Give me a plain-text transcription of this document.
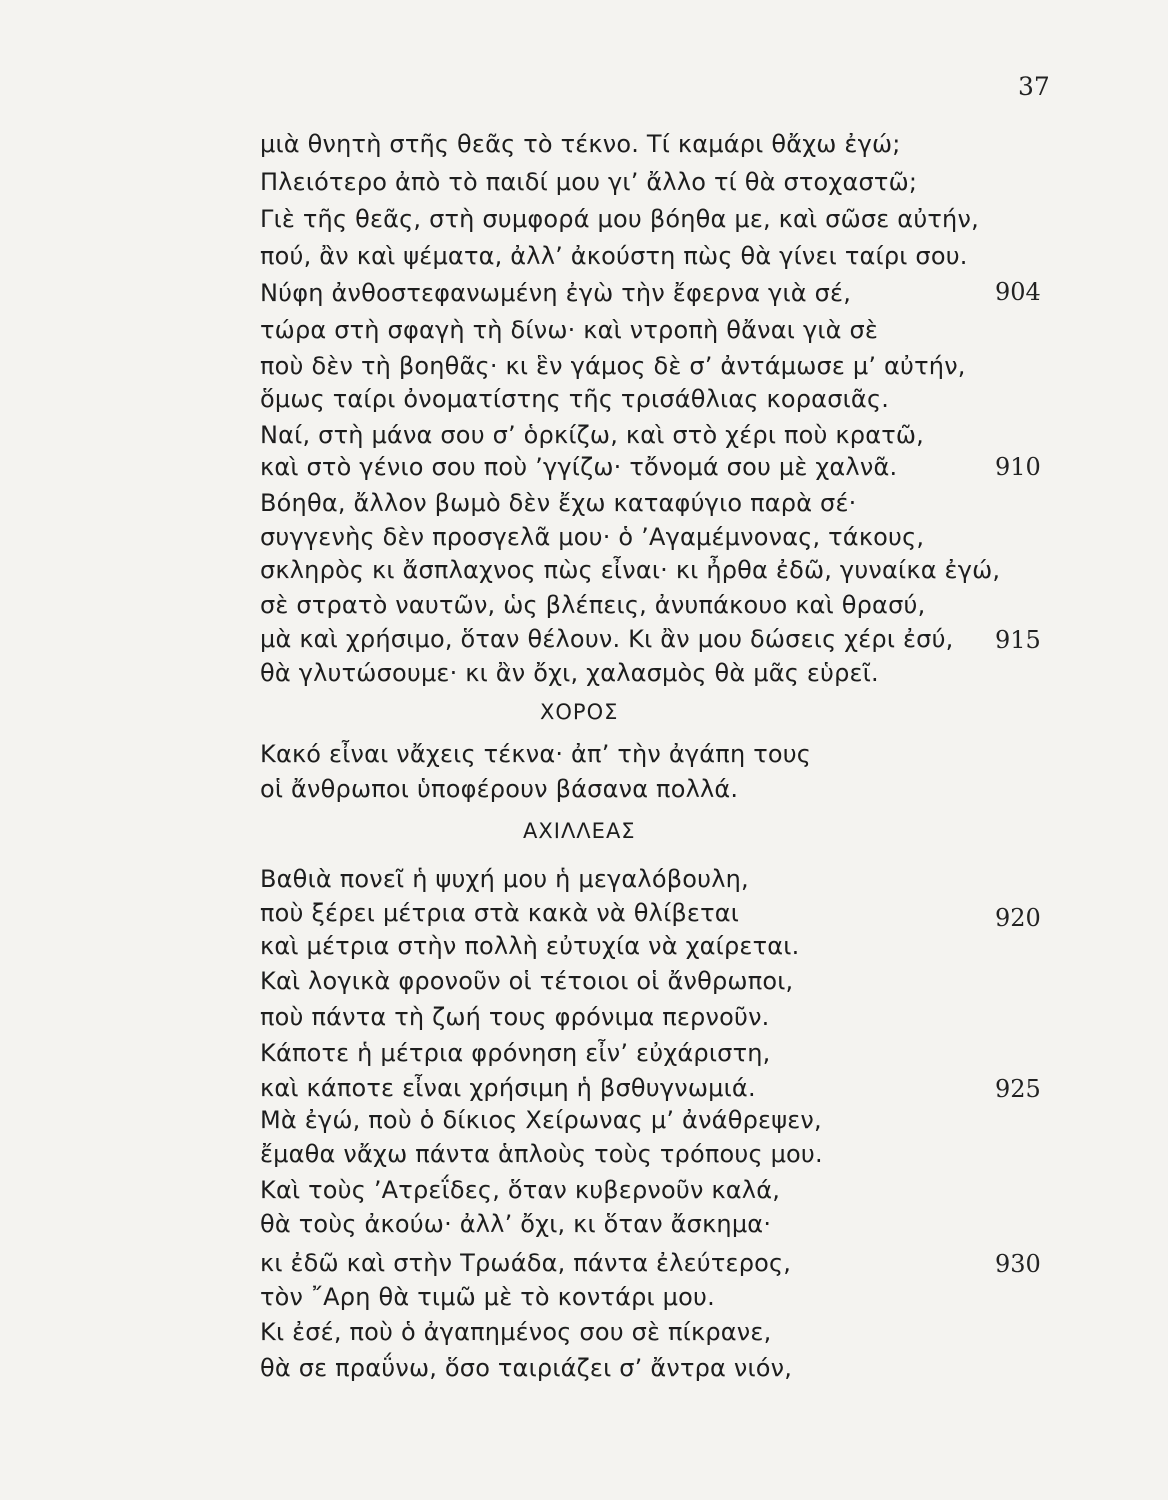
37
μιὰ θνητὴ στῆς θεᾶς τὸ τέκνο. Τί καμάρι θἄχω ἐγώ;
Πλειότερο ἀπὸ τὸ παιδί μου γι’ ἄλλο τί θὰ στοχαστῶ;
Γιὲ τῆς θεᾶς, στὴ συμφορά μου βόηθα με, καὶ σῶσε αὐτήν,
πού, ἂν καὶ ψέματα, ἀλλ’ ἀκούστη πὼς θὰ γίνει ταίρι σου.
Νύφη ἀνθοστεφανωμένη ἐγὼ τὴν ἔφερνα γιὰ σέ,
τώρα στὴ σφαγὴ τὴ δίνω· καὶ ντροπὴ θἄναι γιὰ σὲ
ποὺ δὲν τὴ βοηθᾶς· κι ἓν γάμος δὲ σ’ ἀντάμωσε μ’ αὐτήν,
ὅμως ταίρι ὀνοματίστης τῆς τρισάθλιας κορασιᾶς.
Ναί, στὴ μάνα σου σ’ ὁρκίζω, καὶ στὸ χέρι ποὺ κρατῶ,
καὶ στὸ γένιο σου ποὺ ’γγίζω· τὄνομά σου μὲ χαλνᾶ.
Βόηθα, ἄλλον βωμὸ δὲν ἔχω καταφύγιο παρὰ σέ·
συγγενὴς δὲν προσγελᾶ μου· ὁ ’Αγαμέμνονας, τάκους,
σκληρὸς κι ἄσπλαχνος πὼς εἶναι· κι ἦρθα ἐδῶ, γυναίκα ἐγώ,
σὲ στρατὸ ναυτῶν, ὡς βλέπεις, ἀνυπάκουο καὶ θρασύ,
μὰ καὶ χρήσιμο, ὅταν θέλουν. Κι ἂν μου δώσεις χέρι ἐσύ,
θὰ γλυτώσουμε· κι ἂν ὄχι, χαλασμὸς θὰ μᾶς εὑρεῖ.
904
910
915
ΧΟΡΟΣ
Κακό εἶναι νἄχεις τέκνα· ἀπ’ τὴν ἀγάπη τους
οἱ ἄνθρωποι ὑποφέρουν βάσανα πολλά.
ΑΧΙΛΛΕΑΣ
Βαθιὰ πονεῖ ἡ ψυχή μου ἡ μεγαλόβουλη,
ποὺ ξέρει μέτρια στὰ κακὰ νὰ θλίβεται
καὶ μέτρια στὴν πολλὴ εὐτυχία νὰ χαίρεται.
Καὶ λογικὰ φρονοῦν οἱ τέτοιοι οἱ ἄνθρωποι,
ποὺ πάντα τὴ ζωή τους φρόνιμα περνοῦν.
Κάποτε ἡ μέτρια φρόνηση εἶν’ εὐχάριστη,
καὶ κάποτε εἶναι χρήσιμη ἡ βσθυγνωμιά.
Μὰ ἐγώ, ποὺ ὁ δίκιος Χείρωνας μ’ ἀνάθρεψεν,
ἔμαθα νἄχω πάντα ἁπλοὺς τοὺς τρόπους μου.
Καὶ τοὺς ’Ατρεΐδες, ὅταν κυβερνοῦν καλά,
θὰ τοὺς ἀκούω· ἀλλ’ ὄχι, κι ὅταν ἄσκημα·
κι ἐδῶ καὶ στὴν Τρωάδα, πάντα ἐλεύτερος,
τὸν ῎Αρη θὰ τιμῶ μὲ τὸ κοντάρι μου.
Κι ἐσέ, ποὺ ὁ ἀγαπημένος σου σὲ πίκρανε,
θὰ σε πραΰνω, ὅσο ταιριάζει σ’ ἄντρα νιόν,
920
925
930
